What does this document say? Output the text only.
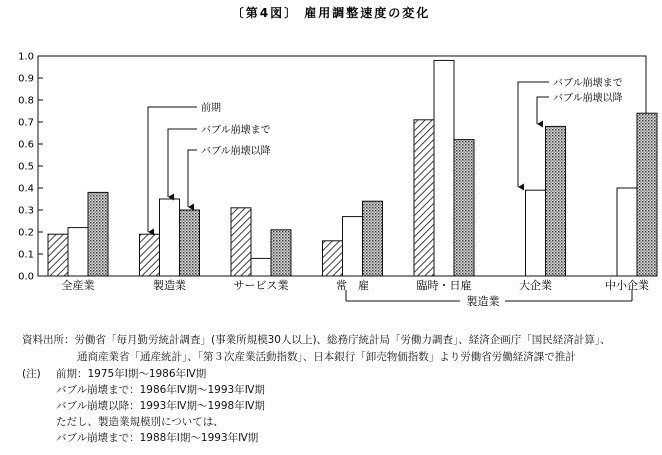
〔第4図〕 雇用調整速度の変化
0.0
0.1
0.2
0.3
0.4
0.5
0.6
0.7
0.8
0.9
1.0
全産業	製造業	サービス業	常　雇	臨時・日雇	大企業	中小企業
製造業
前期
バブル崩壊まで
バブル崩壊以降
バブル崩壊まで
バブル崩壊以降
資料出所：労働省「毎月勤労統計調査」(事業所規模30人以上)、総務庁統計局「労働力調査」、経済企画庁「国民経済計算」、
通商産業省「通産統計」、「第３次産業活動指数」、日本銀行「卸売物価指数」より労働省労働経済課で推計
(注) 前期：1975年Ⅰ期～1986年Ⅳ期
バブル崩壊まで：1986年Ⅳ期～1993年Ⅳ期
バブル崩壊以降：1993年Ⅳ期～1998年Ⅳ期
ただし、製造業規模別については、
バブル崩壊まで：1988年Ⅰ期～1993年Ⅳ期
